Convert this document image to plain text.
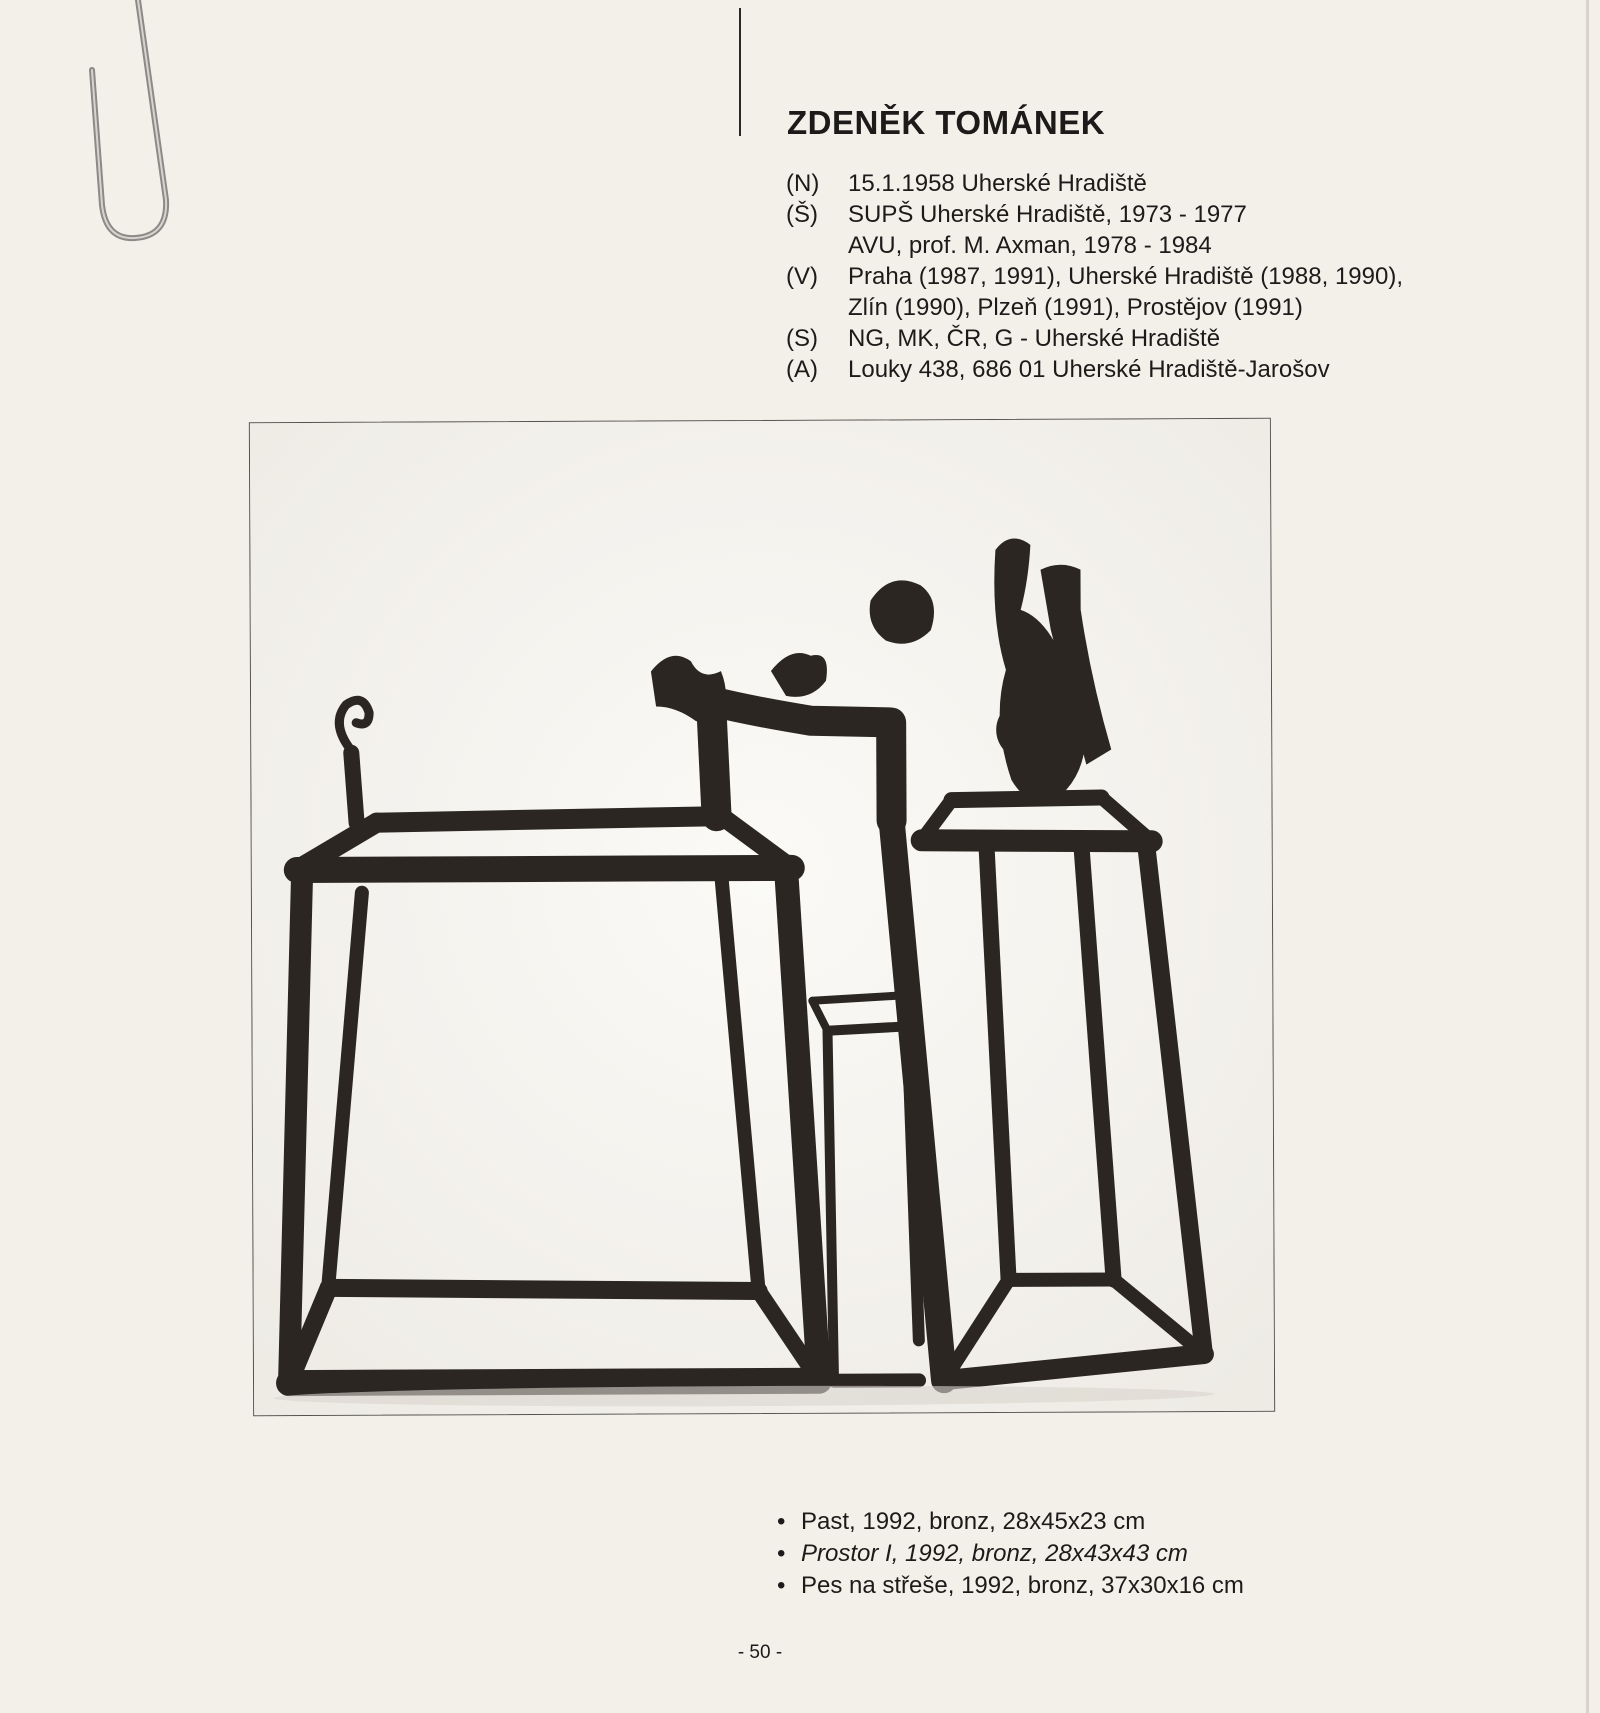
ZDENĚK TOMÁNEK
(N)	15.1.1958 Uherské Hradiště
(Š)	SUPŠ Uherské Hradiště, 1973 - 1977
AVU, prof. M. Axman, 1978 - 1984
(V)	Praha (1987, 1991), Uherské Hradiště (1988, 1990),
Zlín (1990), Plzeň (1991), Prostějov (1991)
(S)	NG, MK, ČR, G - Uherské Hradiště
(A)	Louky 438, 686 01 Uherské Hradiště-Jarošov
• Past, 1992, bronz, 28x45x23 cm
• Prostor I, 1992, bronz, 28x43x43 cm
• Pes na střeše, 1992, bronz, 37x30x16 cm
- 50 -
